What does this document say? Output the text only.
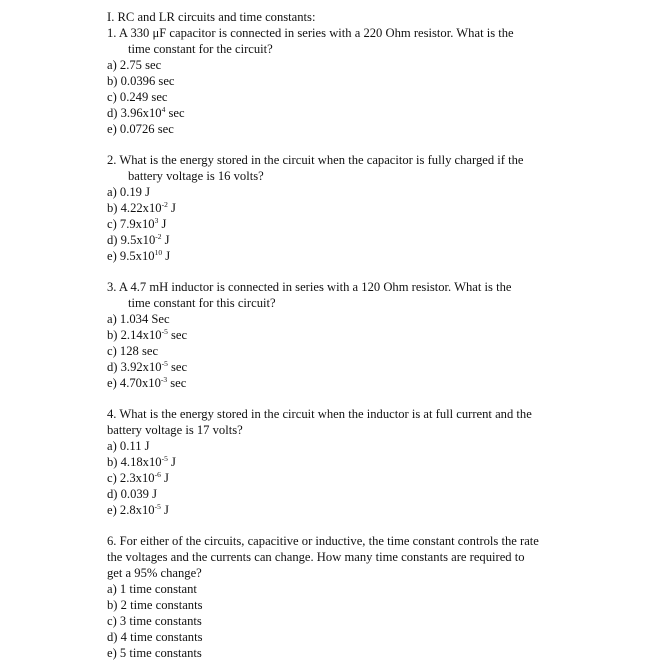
I. RC and LR circuits and time constants:
1. A 330 μF capacitor is connected in series with a 220 Ohm resistor. What is the
time constant for the circuit?
a) 2.75 sec
b) 0.0396 sec
c) 0.249 sec
d) $3.96x10^4$ sec
e) 0.0726 sec
2. What is the energy stored in the circuit when the capacitor is fully charged if the
battery voltage is 16 volts?
a) 0.19 J
b) $4.22x10^{-2}$ J
c) $7.9x10^3$ J
d) $9.5x10^{-2}$ J
e) $9.5x10^{10}$ J
3. A 4.7 mH inductor is connected in series with a 120 Ohm resistor. What is the
time constant for this circuit?
a) 1.034 Sec
b) $2.14x10^{-5}$ sec
c) 128 sec
d) $3.92x10^{-5}$ sec
e) $4.70x10^{-3}$ sec
4. What is the energy stored in the circuit when the inductor is at full current and the
battery voltage is 17 volts?
a) 0.11 J
b) $4.18x10^{-5}$ J
c) $2.3x10^{-6}$ J
d) 0.039 J
e) $2.8x10^{-5}$ J
6. For either of the circuits, capacitive or inductive, the time constant controls the rate
the voltages and the currents can change. How many time constants are required to
get a 95% change?
a) 1 time constant
b) 2 time constants
c) 3 time constants
d) 4 time constants
e) 5 time constants
